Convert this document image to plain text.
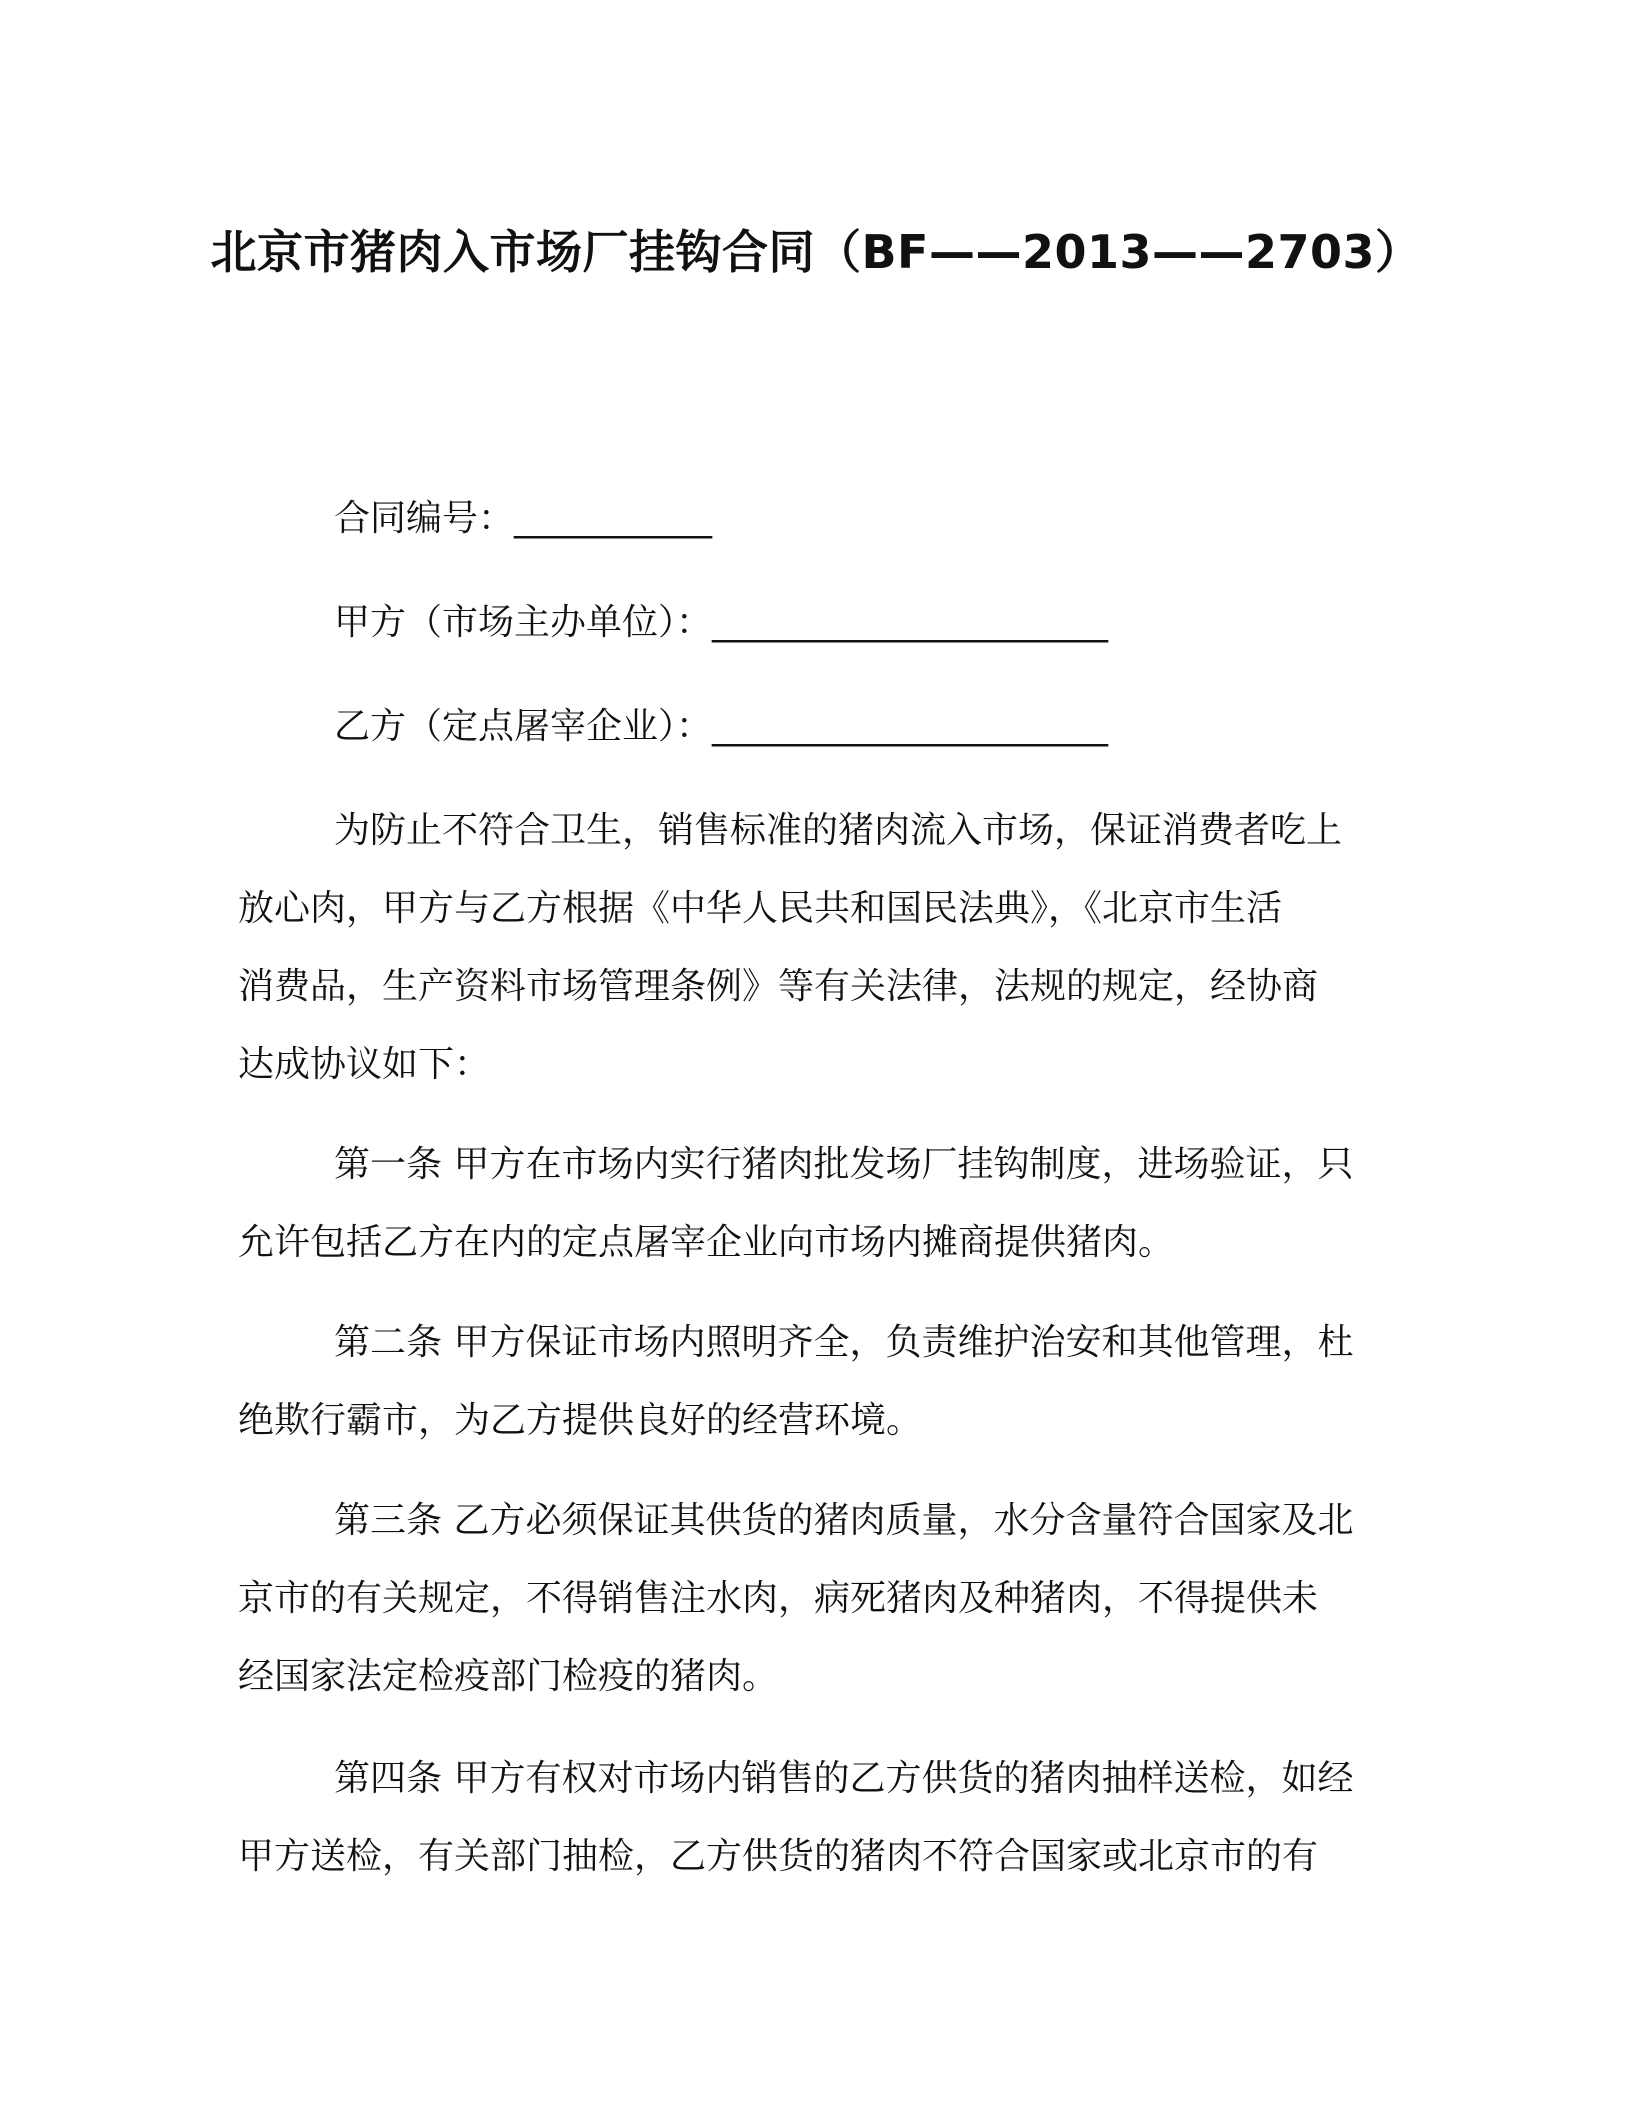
北京市猪肉入市场厂挂钩合同（BF——2013——2703）
合同编号：___________
甲方（市场主办单位）：______________________
乙方（定点屠宰企业）：______________________
为防止不符合卫生，销售标准的猪肉流入市场，保证消费者吃上
放心肉，甲方与乙方根据《中华人民共和国民法典》，《北京市生活
消费品，生产资料市场管理条例》等有关法律，法规的规定，经协商
达成协议如下：
第一条 甲方在市场内实行猪肉批发场厂挂钩制度，进场验证，只
允许包括乙方在内的定点屠宰企业向市场内摊商提供猪肉。
第二条 甲方保证市场内照明齐全，负责维护治安和其他管理，杜
绝欺行霸市，为乙方提供良好的经营环境。
第三条 乙方必须保证其供货的猪肉质量，水分含量符合国家及北
京市的有关规定，不得销售注水肉，病死猪肉及种猪肉，不得提供未
经国家法定检疫部门检疫的猪肉。
第四条 甲方有权对市场内销售的乙方供货的猪肉抽样送检，如经
甲方送检，有关部门抽检，乙方供货的猪肉不符合国家或北京市的有
